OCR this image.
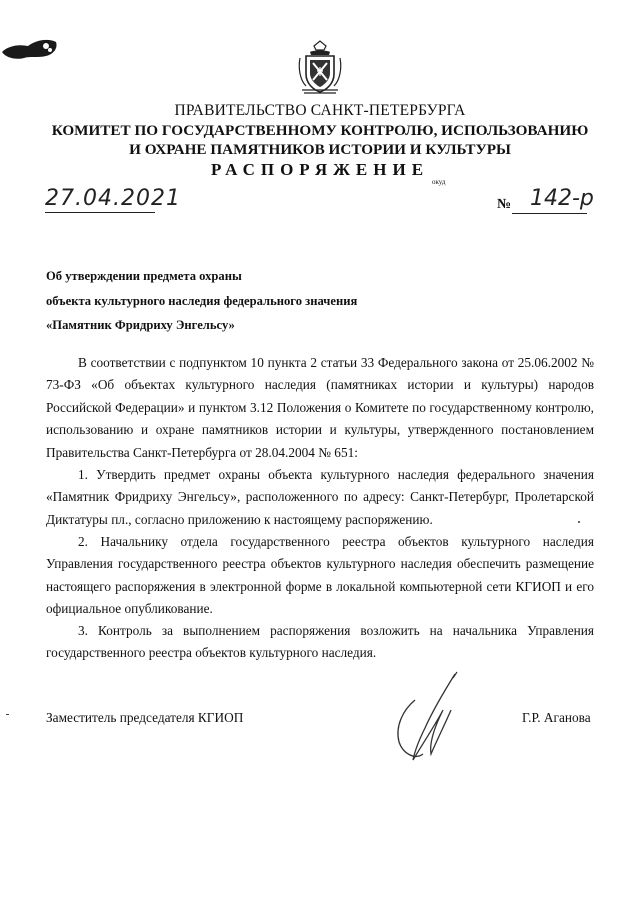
ПРАВИТЕЛЬСТВО САНКТ-ПЕТЕРБУРГА
КОМИТЕТ ПО ГОСУДАРСТВЕННОМУ КОНТРОЛЮ, ИСПОЛЬЗОВАНИЮ
И ОХРАНЕ ПАМЯТНИКОВ ИСТОРИИ И КУЛЬТУРЫ
РАСПОРЯЖЕНИЕ
окуд
27.04.2021	№ 142-р
Об утверждении предмета охраны
объекта культурного наследия федерального значения
«Памятник Фридриху Энгельсу»
В соответствии с подпунктом 10 пункта 2 статьи 33 Федерального закона от 25.06.2002 № 73-ФЗ «Об объектах культурного наследия (памятниках истории и культуры) народов Российской Федерации» и пунктом 3.12 Положения о Комитете по государственному контролю, использованию и охране памятников истории и культуры, утвержденного постановлением Правительства Санкт-Петербурга от 28.04.2004 № 651:
1. Утвердить предмет охраны объекта культурного наследия федерального значения «Памятник Фридриху Энгельсу», расположенного по адресу: Санкт-Петербург, Пролетарской Диктатуры пл., согласно приложению к настоящему распоряжению.
2. Начальнику отдела государственного реестра объектов культурного наследия Управления государственного реестра объектов культурного наследия обеспечить размещение настоящего распоряжения в электронной форме в локальной компьютерной сети КГИОП и его официальное опубликование.
3. Контроль за выполнением распоряжения возложить на начальника Управления государственного реестра объектов культурного наследия.
Заместитель председателя КГИОП	Г.Р. Аганова
